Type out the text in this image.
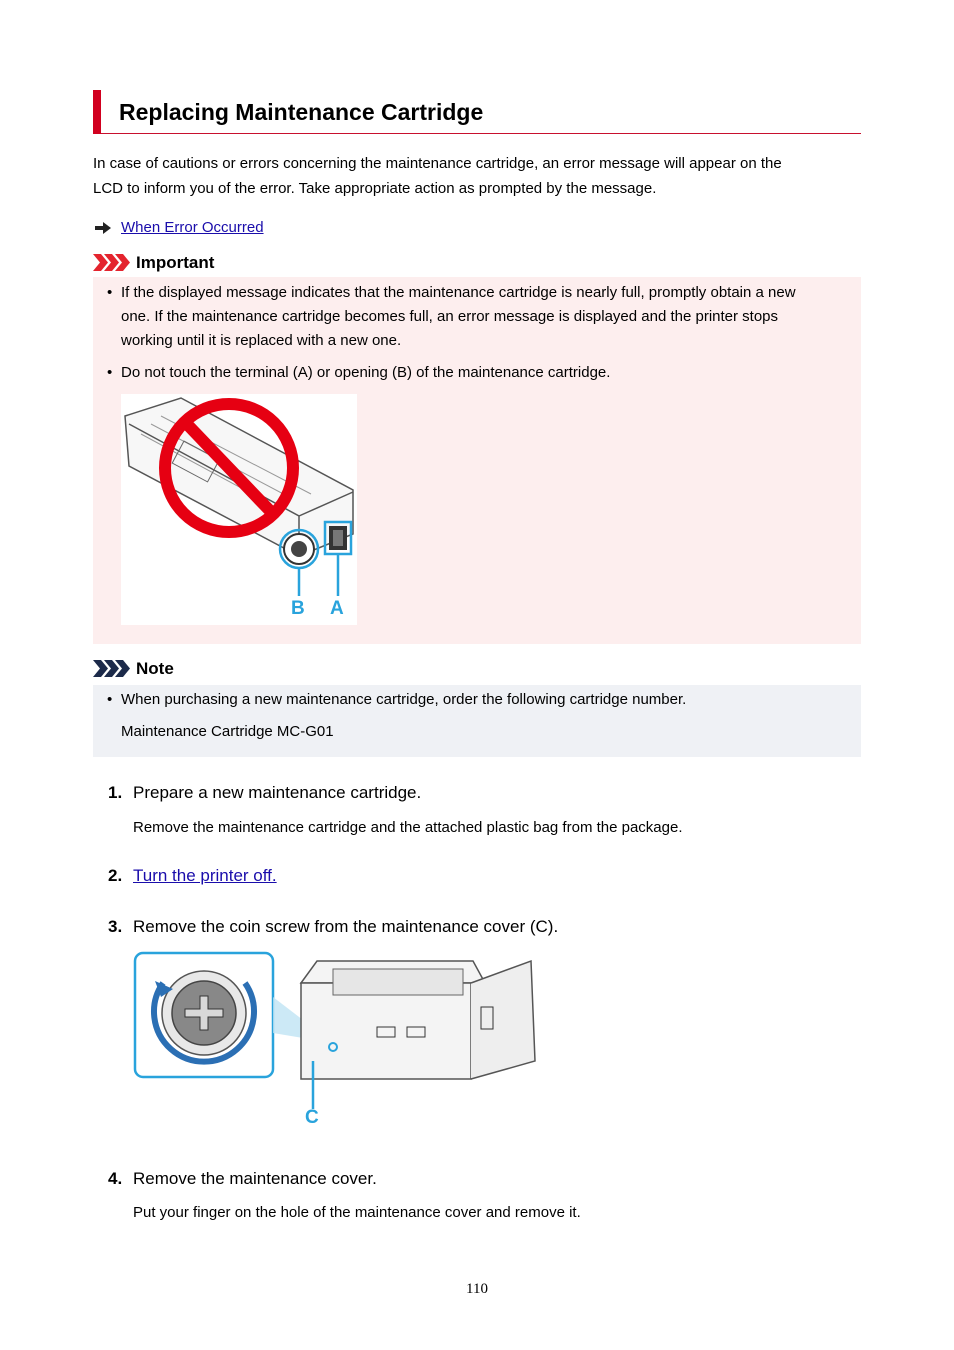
Replacing Maintenance Cartridge
In case of cautions or errors concerning the maintenance cartridge, an error message will appear on the
LCD to inform you of the error. Take appropriate action as prompted by the message.
When Error Occurred
Important
• If the displayed message indicates that the maintenance cartridge is nearly full, promptly obtain a new
one. If the maintenance cartridge becomes full, an error message is displayed and the printer stops
working until it is replaced with a new one.
• Do not touch the terminal (A) or opening (B) of the maintenance cartridge.
B A
Note
• When purchasing a new maintenance cartridge, order the following cartridge number.
Maintenance Cartridge MC-G01
1. Prepare a new maintenance cartridge.
Remove the maintenance cartridge and the attached plastic bag from the package.
2. Turn the printer off.
3. Remove the coin screw from the maintenance cover (C).
C
4. Remove the maintenance cover.
Put your finger on the hole of the maintenance cover and remove it.
110
